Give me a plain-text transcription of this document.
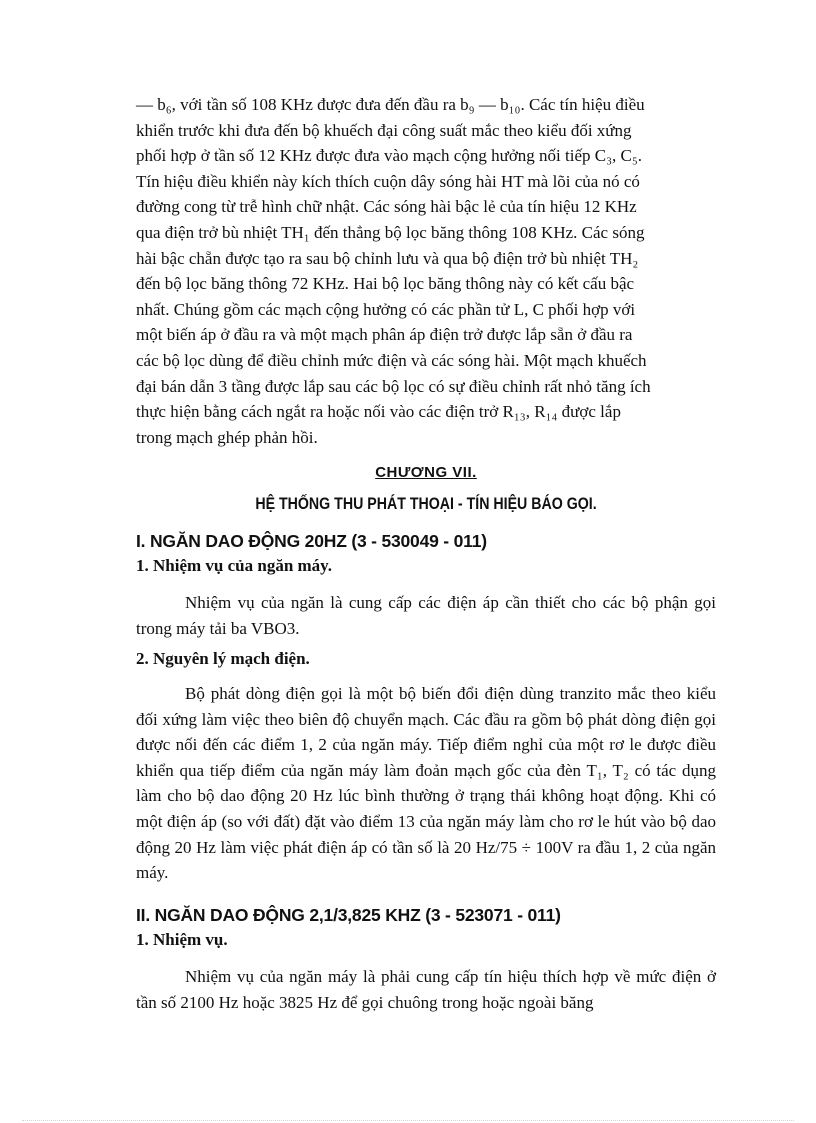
— b₆, với tần số 108 KHz được đưa đến đầu ra b₉ — b₁₀. Các tín hiệu điều

khiển trước khi đưa đến bộ khuếch đại công suất mắc theo kiểu đối xứng

phối hợp ở tần số 12 KHz được đưa vào mạch cộng hưởng nối tiếp C₃, C₅.

Tín hiệu điều khiển này kích thích cuộn dây sóng hài HT mà lõi của nó có

đường cong từ trễ hình chữ nhật. Các sóng hài bậc lẻ của tín hiệu 12 KHz

qua điện trở bù nhiệt TH₁ đến thẳng bộ lọc băng thông 108 KHz. Các sóng

hài bậc chẵn được tạo ra sau bộ chỉnh lưu và qua bộ điện trở bù nhiệt TH₂

đến bộ lọc băng thông 72 KHz. Hai bộ lọc băng thông này có kết cấu bậc

nhất. Chúng gồm các mạch cộng hưởng có các phần tử L, C phối hợp với

một biến áp ở đầu ra và một mạch phân áp điện trở được lắp sẵn ở đầu ra

các bộ lọc dùng để điều chỉnh mức điện và các sóng hài. Một mạch khuếch

đại bán dẫn 3 tầng được lắp sau các bộ lọc có sự điều chỉnh rất nhỏ tăng ích

thực hiện bằng cách ngắt ra hoặc nối vào các điện trở R₁₃, R₁₄ được lắp

trong mạch ghép phản hồi.

CHƯƠNG VII.

HỆ THỐNG THU PHÁT THOẠI - TÍN HIỆU BÁO GỌI.

I. NGĂN DAO ĐỘNG 20HZ (3 - 530049 - 011)

1. Nhiệm vụ của ngăn máy.

Nhiệm vụ của ngăn là cung cấp các điện áp cần thiết cho các bộ phận gọi trong máy tải ba VBO3.

2. Nguyên lý mạch điện.

Bộ phát dòng điện gọi là một bộ biến đổi điện dùng tranzito mắc theo kiểu đối xứng làm việc theo biên độ chuyển mạch. Các đầu ra gồm bộ phát dòng điện gọi được nối đến các điểm 1, 2 của ngăn máy. Tiếp điểm nghỉ của một rơ le được điều khiển qua tiếp điểm của ngăn máy làm đoản mạch gốc của đèn T₁, T₂ có tác dụng làm cho bộ dao động 20 Hz lúc bình thường ở trạng thái không hoạt động. Khi có một điện áp (so với đất) đặt vào điểm 13 của ngăn máy làm cho rơ le hút vào bộ dao động 20 Hz làm việc phát điện áp có tần số là 20 Hz/75 ÷ 100V ra đầu 1, 2 của ngăn máy.

II. NGĂN DAO ĐỘNG 2,1/3,825 KHZ (3 - 523071 - 011)

1. Nhiệm vụ.

Nhiệm vụ của ngăn máy là phải cung cấp tín hiệu thích hợp về mức điện ở tần số 2100 Hz hoặc 3825 Hz để gọi chuông trong hoặc ngoài băng
